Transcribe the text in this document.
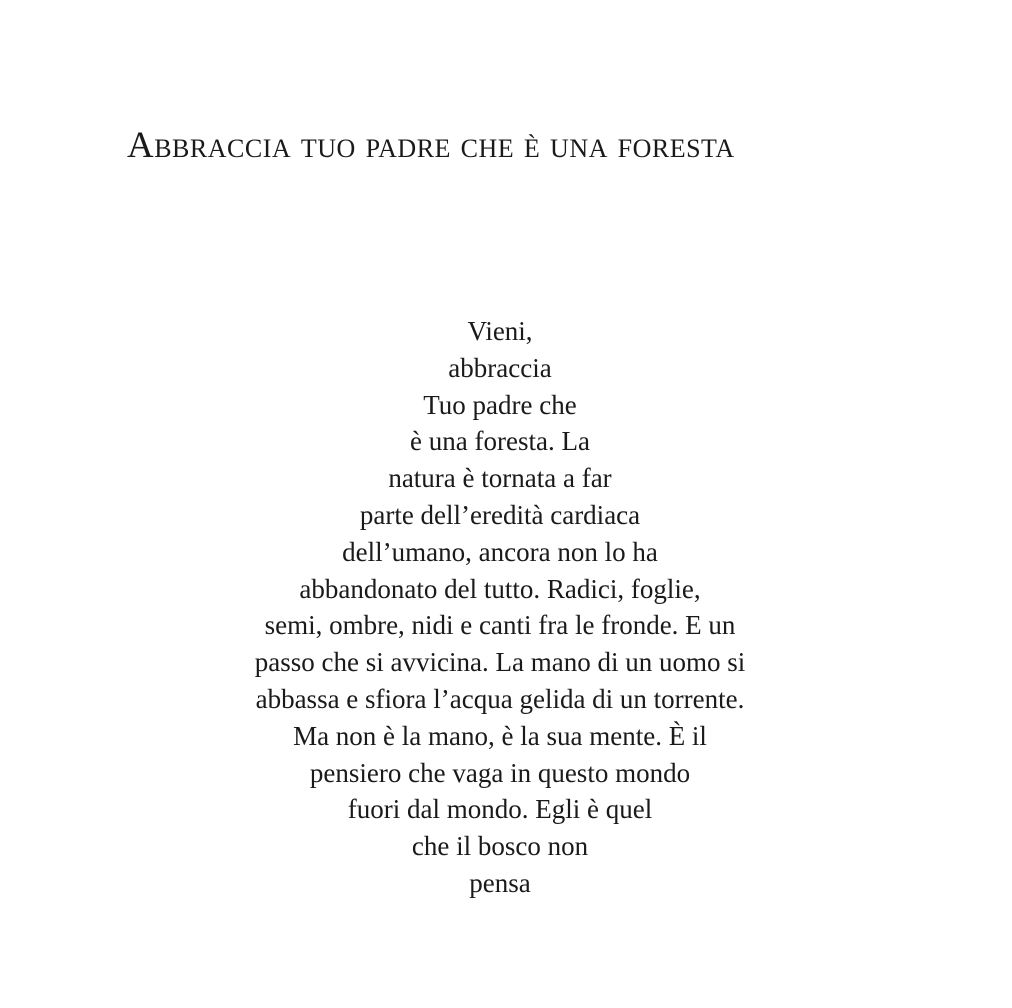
Abbraccia tuo padre che è una foresta
Vieni,
abbraccia
Tuo padre che
è una foresta. La
natura è tornata a far
parte dell’eredità cardiaca
dell’umano, ancora non lo ha
abbandonato del tutto. Radici, foglie,
semi, ombre, nidi e canti fra le fronde. E un
passo che si avvicina. La mano di un uomo si
abbassa e sfiora l’acqua gelida di un torrente.
Ma non è la mano, è la sua mente. È il
pensiero che vaga in questo mondo
fuori dal mondo. Egli è quel
che il bosco non
pensa
